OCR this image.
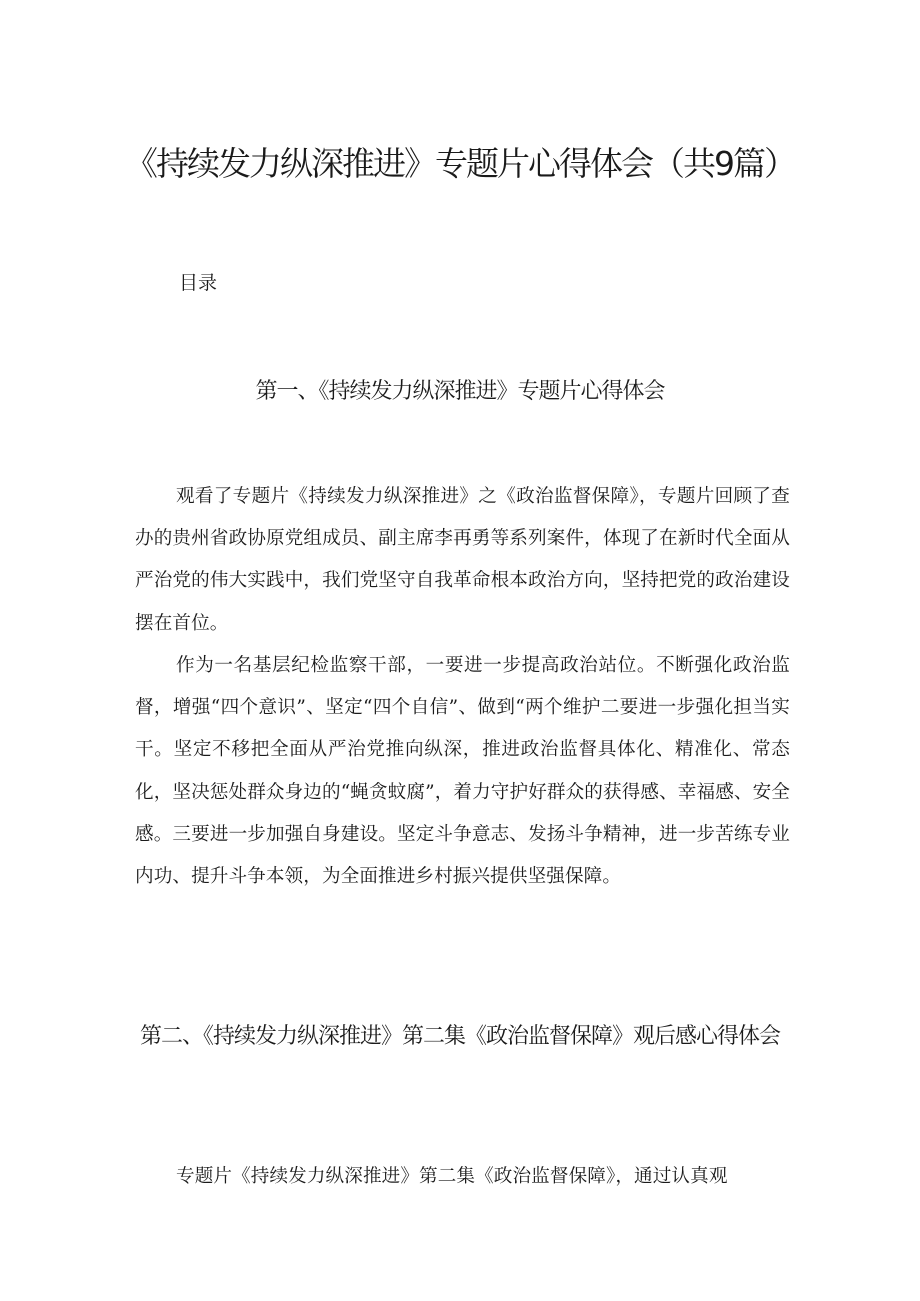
《持续发力纵深推进》专题片心得体会（共9篇）

目录

第一、《持续发力纵深推进》专题片心得体会

观看了专题片《持续发力纵深推进》之《政治监督保障》，专题片回顾了查办的贵州省政协原党组成员、副主席李再勇等系列案件，体现了在新时代全面从严治党的伟大实践中，我们党坚守自我革命根本政治方向，坚持把党的政治建设摆在首位。

作为一名基层纪检监察干部，一要进一步提高政治站位。不断强化政治监督，增强“四个意识”、坚定“四个自信”、做到“两个维护二要进一步强化担当实干。坚定不移把全面从严治党推向纵深，推进政治监督具体化、精准化、常态化，坚决惩处群众身边的“蝇贪蚊腐”，着力守护好群众的获得感、幸福感、安全感。三要进一步加强自身建设。坚定斗争意志、发扬斗争精神，进一步苦练专业内功、提升斗争本领，为全面推进乡村振兴提供坚强保障。

第二、《持续发力纵深推进》第二集《政治监督保障》观后感心得体会

专题片《持续发力纵深推进》第二集《政治监督保障》，通过认真观
